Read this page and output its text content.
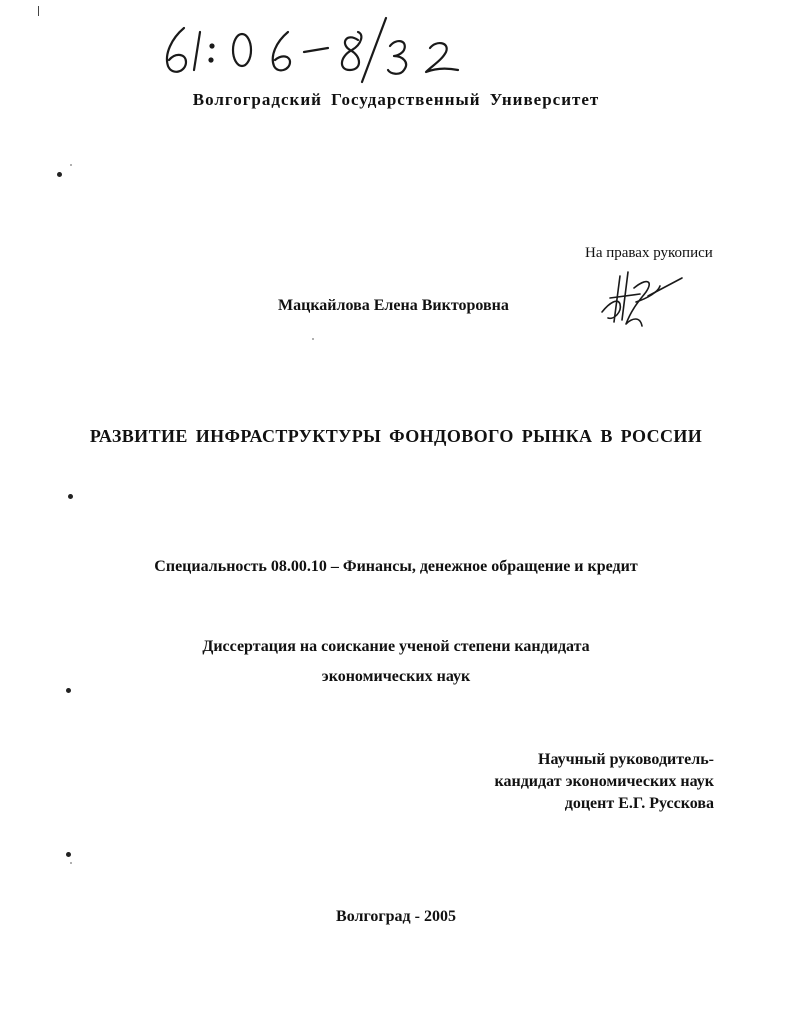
Волгоградский Государственный Университет
На правах рукописи
Мацкайлова Елена Викторовна
РАЗВИТИЕ ИНФРАСТРУКТУРЫ ФОНДОВОГО РЫНКА В РОССИИ
Специальность 08.00.10 – Финансы, денежное обращение и кредит
Диссертация на соискание ученой степени кандидата
экономических наук
Научный руководитель-
кандидат экономических наук
доцент Е.Г. Русскова
Волгоград - 2005
